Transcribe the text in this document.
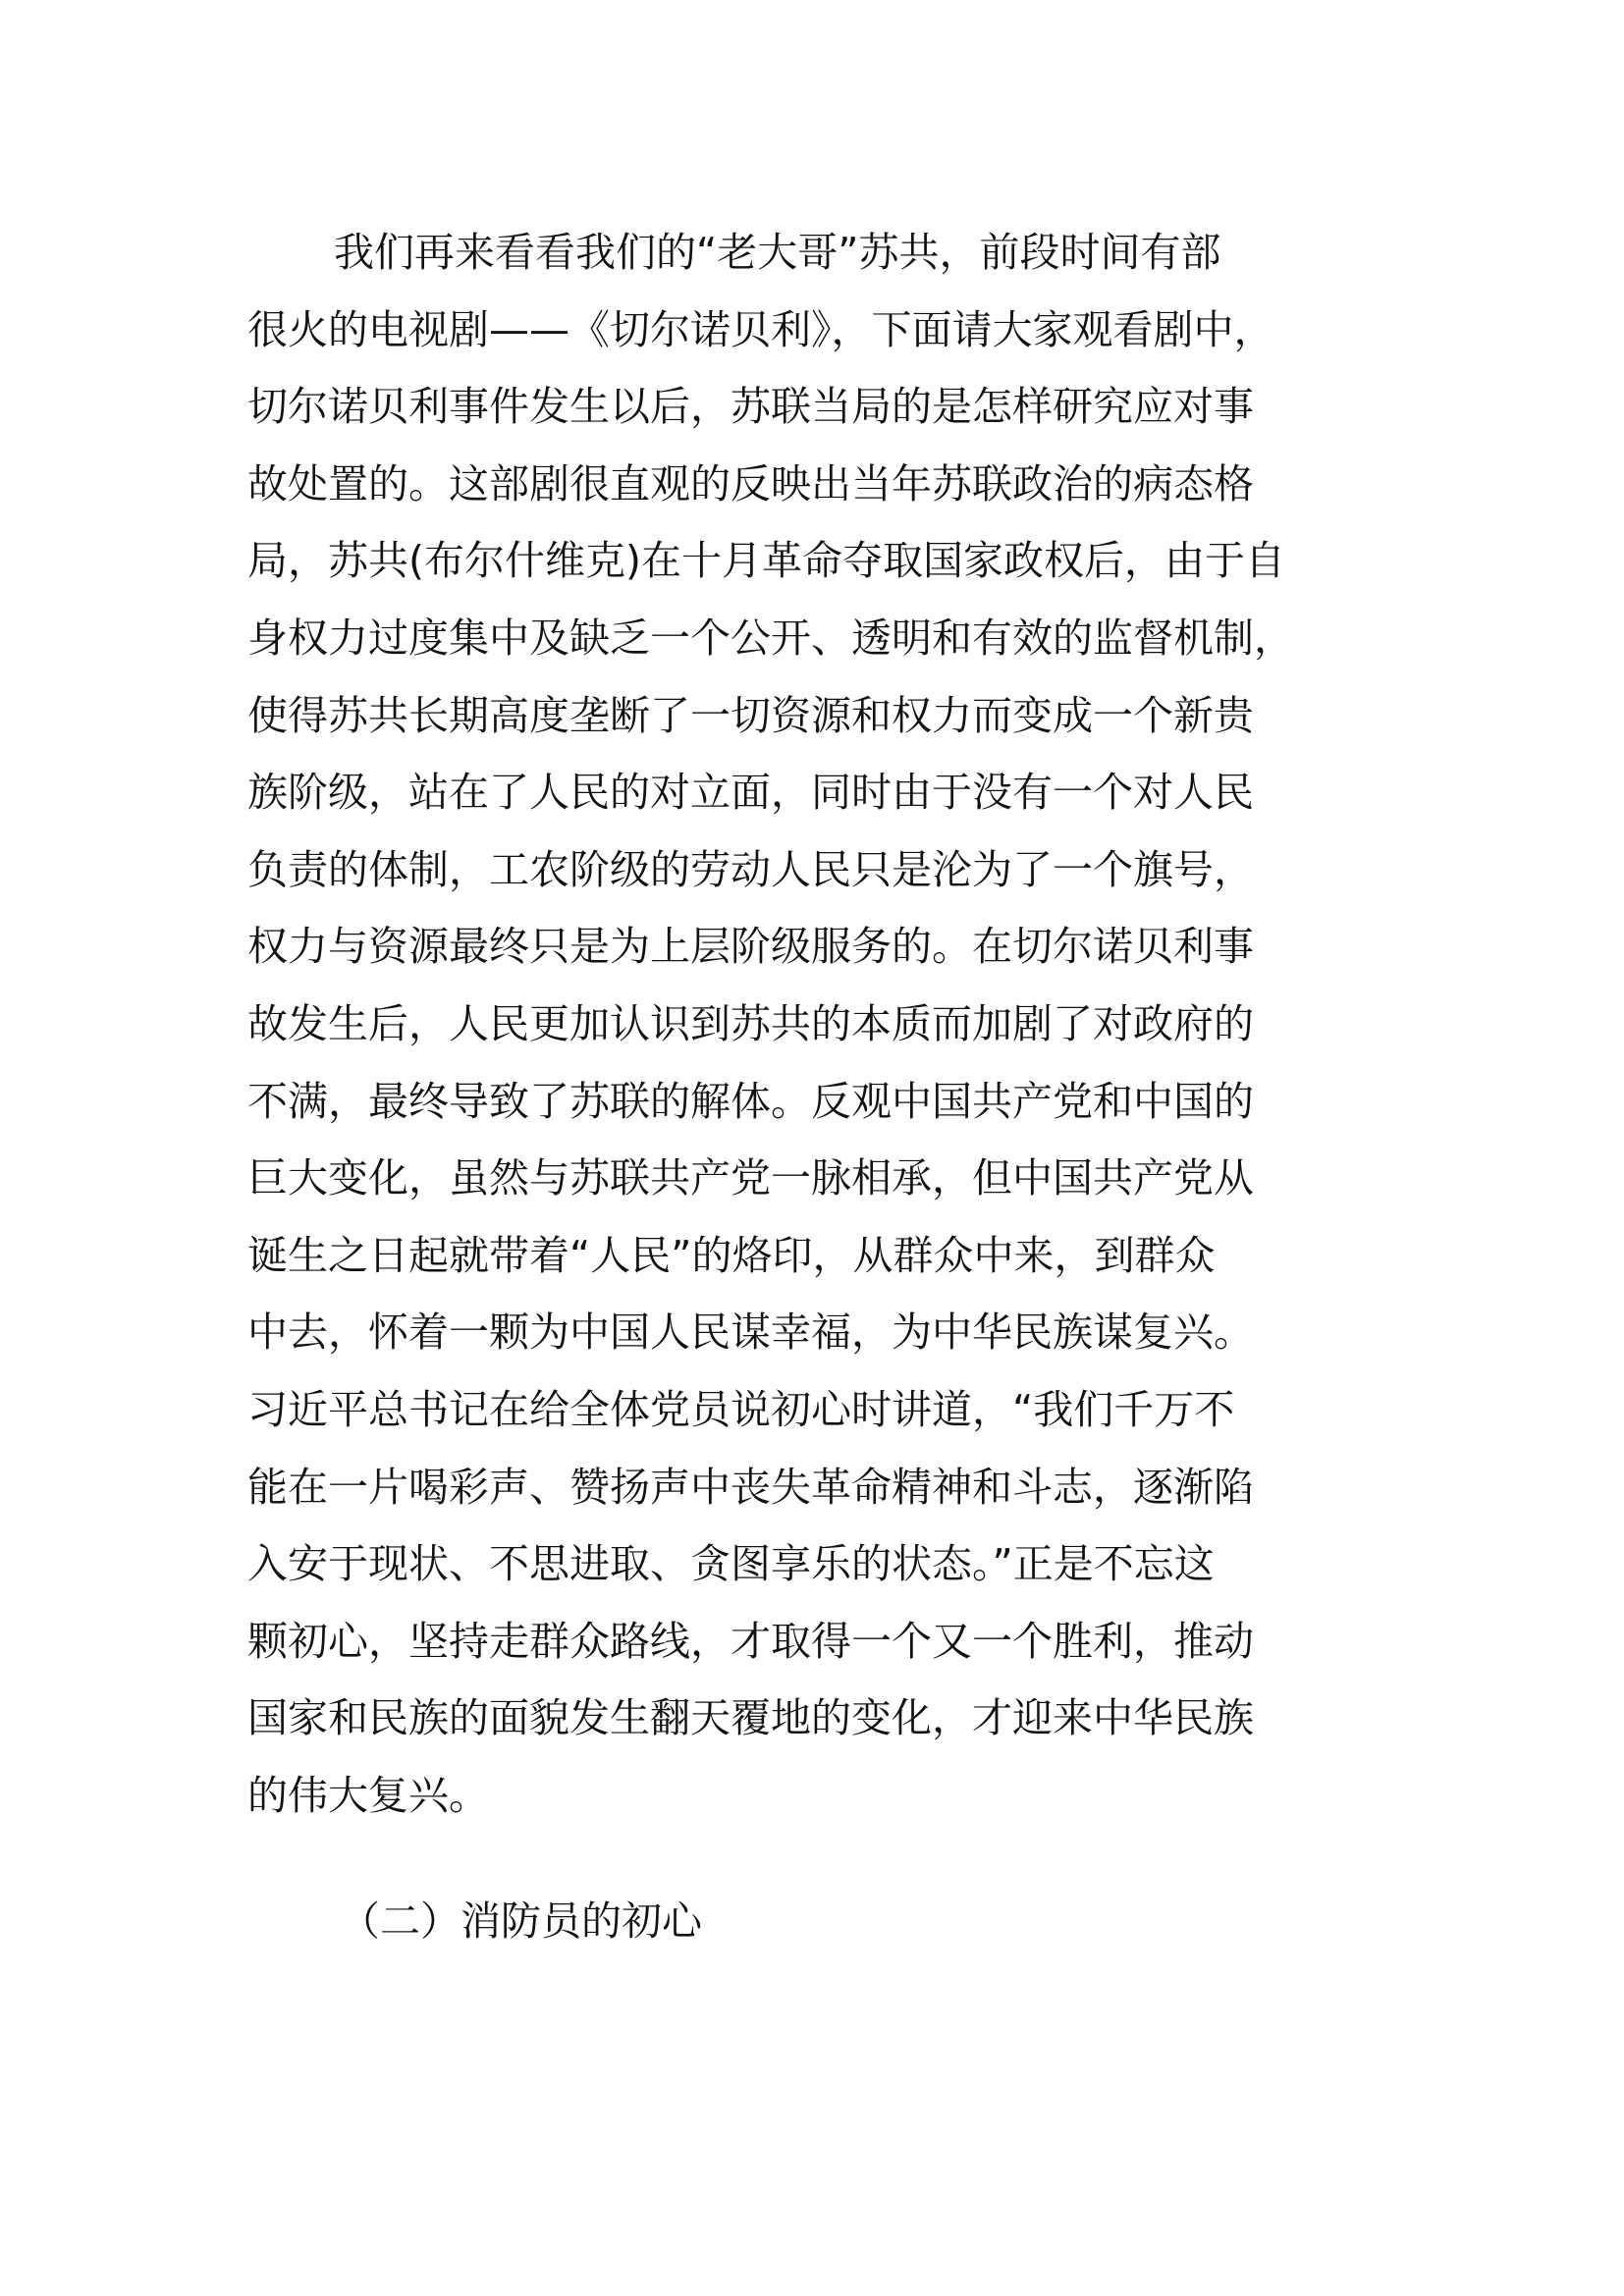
我们再来看看我们的“老大哥”苏共，前段时间有部
很火的电视剧——《切尔诺贝利》，下面请大家观看剧中，
切尔诺贝利事件发生以后，苏联当局的是怎样研究应对事
故处置的。这部剧很直观的反映出当年苏联政治的病态格
局，苏共(布尔什维克)在十月革命夺取国家政权后，由于自
身权力过度集中及缺乏一个公开、透明和有效的监督机制，
使得苏共长期高度垄断了一切资源和权力而变成一个新贵
族阶级，站在了人民的对立面，同时由于没有一个对人民
负责的体制，工农阶级的劳动人民只是沦为了一个旗号，
权力与资源最终只是为上层阶级服务的。在切尔诺贝利事
故发生后，人民更加认识到苏共的本质而加剧了对政府的
不满，最终导致了苏联的解体。反观中国共产党和中国的
巨大变化，虽然与苏联共产党一脉相承，但中国共产党从
诞生之日起就带着“人民”的烙印，从群众中来，到群众
中去，怀着一颗为中国人民谋幸福，为中华民族谋复兴。
习近平总书记在给全体党员说初心时讲道，“我们千万不
能在一片喝彩声、赞扬声中丧失革命精神和斗志，逐渐陷
入安于现状、不思进取、贪图享乐的状态。”正是不忘这
颗初心，坚持走群众路线，才取得一个又一个胜利，推动
国家和民族的面貌发生翻天覆地的变化，才迎来中华民族
的伟大复兴。

（二）消防员的初心
